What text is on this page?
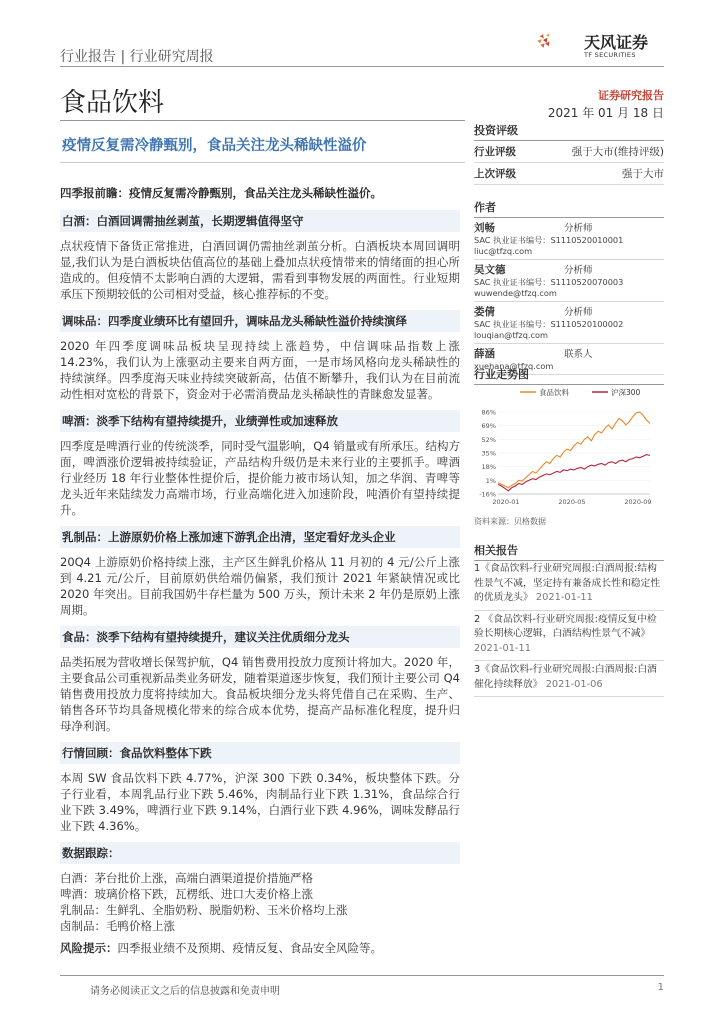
行业报告 | 行业研究周报
天风证券
TF SECURITIES
食品饮料	证券研究报告
2021 年 01 月 18 日
疫情反复需冷静甄别，食品关注龙头稀缺性溢价

四季报前瞻：疫情反复需冷静甄别，食品关注龙头稀缺性溢价。

白酒：白酒回调需抽丝剥茧，长期逻辑值得坚守

点状疫情下备货正常推进，白酒回调仍需抽丝剥茧分析。白酒板块本周回调明显,我们认为是白酒板块估值高位的基础上叠加点状疫情带来的情绪面的担心所造成的。但疫情不太影响白酒的大逻辑，需看到事物发展的两面性。行业短期承压下预期较低的公司相对受益，核心推荐标的不变。

调味品：四季度业绩环比有望回升，调味品龙头稀缺性溢价持续演绎

2020 年四季度调味品板块呈现持续上涨趋势，中信调味品指数上涨 14.23%，我们认为上涨驱动主要来自两方面，一是市场风格向龙头稀缺性的持续演绎。四季度海天味业持续突破新高，估值不断攀升，我们认为在目前流动性相对宽松的背景下，资金对于必需消费品龙头稀缺性的青睐愈发显著。

啤酒：淡季下结构有望持续提升，业绩弹性或加速释放

四季度是啤酒行业的传统淡季，同时受气温影响，Q4 销量或有所承压。结构方面，啤酒涨价逻辑被持续验证，产品结构升级仍是未来行业的主要抓手。啤酒行业经历 18 年行业整体性提价后，提价能力被市场认知，加之华润、青啤等龙头近年来陆续发力高端市场，行业高端化进入加速阶段，吨酒价有望持续提升。

乳制品：上游原奶价格上涨加速下游乳企出清，坚定看好龙头企业

20Q4 上游原奶价格持续上涨，主产区生鲜乳价格从 11 月初的 4 元/公斤上涨到 4.21 元/公斤，目前原奶供给端仍偏紧，我们预计 2021 年紧缺情况或比 2020 年突出。目前我国奶牛存栏量为 500 万头，预计未来 2 年仍是原奶上涨周期。

食品：淡季下结构有望持续提升，建议关注优质细分龙头

品类拓展为营收增长保驾护航，Q4 销售费用投放力度预计将加大。2020 年，主要食品公司重视新品类业务研发，随着渠道逐步恢复，我们预计主要公司 Q4 销售费用投放力度将持续加大。食品板块细分龙头将凭借自己在采购、生产、销售各环节均具备规模化带来的综合成本优势，提高产品标准化程度，提升归母净利润。

行情回顾：食品饮料整体下跌

本周 SW 食品饮料下跌 4.77%，沪深 300 下跌 0.34%，板块整体下跌。分子行业看，本周乳品行业下跌 5.46%，肉制品行业下跌 1.31%，食品综合行业下跌 3.49%，啤酒行业下跌 9.14%，白酒行业下跌 4.96%，调味发酵品行业下跌 4.36%。

数据跟踪：

白酒：茅台批价上涨，高端白酒渠道提价措施严格

啤酒：玻璃价格下跌，瓦楞纸、进口大麦价格上涨

乳制品：生鲜乳、全脂奶粉、脱脂奶粉、玉米价格均上涨

卤制品：毛鸭价格上涨

风险提示：四季报业绩不及预期、疫情反复、食品安全风险等。

投资评级
行业评级	强于大市(维持评级)
上次评级	强于大市
作者
刘畅	分析师
SAC 执业证书编号：S1110520010001
liuc@tfzq.com
吴文德	分析师
SAC 执业证书编号：S1110520070003
wuwende@tfzq.com
娄倩	分析师
SAC 执业证书编号：S1110520100002
louqian@tfzq.com
薛涵	联系人
xuehana@tfzq.com
行业走势图
食品饮料	沪深300
86%
69%
52%
35%
18%
1%
-16%
2020-01	2020-05	2020-09
资料来源：贝格数据
相关报告
1《食品饮料-行业研究周报:白酒周报:结构性景气不减，坚定持有兼备成长性和稳定性的优质龙头》 2021-01-11
2 《食品饮料-行业研究周报:疫情反复中检验长期核心逻辑，白酒结构性景气不减》 2021-01-11
3《食品饮料-行业研究周报:白酒周报:白酒催化持续释放》 2021-01-06
请务必阅读正文之后的信息披露和免责申明	1
